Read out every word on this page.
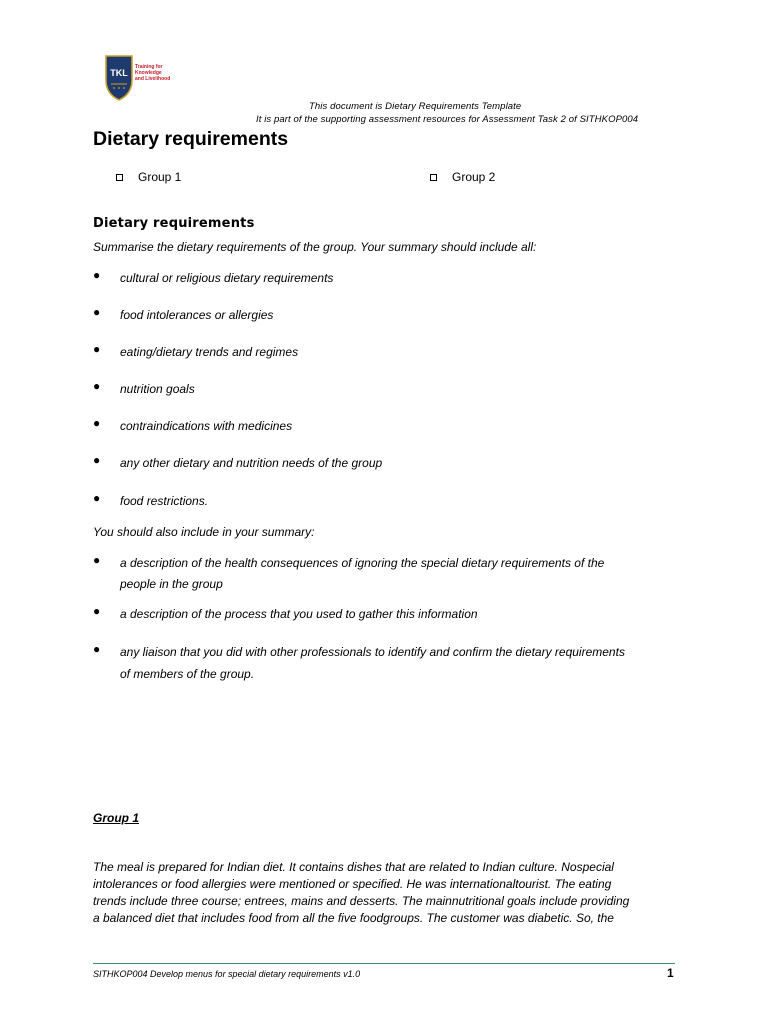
TKL
Training for
Knowledge
and Livelihood
This document is Dietary Requirements Template
It is part of the supporting assessment resources for Assessment Task 2 of SITHKOP004
Dietary requirements
Group 1	Group 2
Dietary requirements
Summarise the dietary requirements of the group. Your summary should include all:
● cultural or religious dietary requirements
● food intolerances or allergies
● eating/dietary trends and regimes
● nutrition goals
● contraindications with medicines
● any other dietary and nutrition needs of the group
● food restrictions.
You should also include in your summary:
● a description of the health consequences of ignoring the special dietary requirements of the
people in the group
● a description of the process that you used to gather this information
● any liaison that you did with other professionals to identify and confirm the dietary requirements
of members of the group.
Group 1
The meal is prepared for Indian diet. It contains dishes that are related to Indian culture. Nospecial
intolerances or food allergies were mentioned or specified. He was internationaltourist. The eating
trends include three course; entrees, mains and desserts. The mainnutritional goals include providing
a balanced diet that includes food from all the five foodgroups. The customer was diabetic. So, the
SITHKOP004 Develop menus for special dietary requirements v1.0	1
